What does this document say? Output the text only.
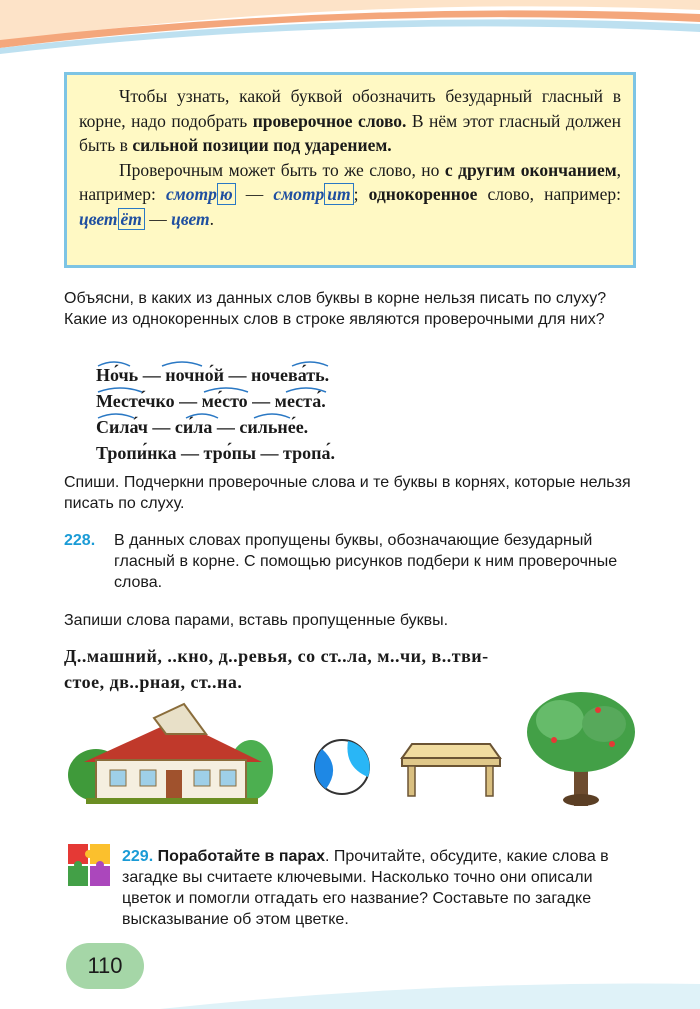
Чтобы узнать, какой буквой обозначить безударный гласный в корне, надо подобрать проверочное слово. В нём этот гласный должен быть в сильной позиции под ударением.

Проверочным может быть то же слово, но с другим окончанием, например: смотр ю — смотр ит ; однокоренное слово, например: цвет ёт — цвет.

Объясни, в каких из данных слов буквы в корне нельзя писать по слуху? Какие из однокоренных слов в строке являются проверочными для них?
Но́чь — ночно́й — ночева́ть.
Месте́чко — ме́сто — места́.
Сила́ч — си́ла — сильне́е.
Тропи́нка — тро́пы — тропа́.
Спиши. Подчеркни проверочные слова и те буквы в корнях, которые нельзя писать по слуху.
228. В данных словах пропущены буквы, обозначающие безударный гласный в корне. С помощью рисунков подбери к ним проверочные слова.
Запиши слова парами, вставь пропущенные буквы.
Д..машний, ..кно, д..ревья, со ст..ла, м..чи, в..тви-
стое, дв..рная, ст..на.
229. Поработайте в парах. Прочитайте, обсудите, какие слова в загадке вы считаете ключевыми. Насколько точно они описали цветок и помогли отгадать его название? Составьте по загадке высказывание об этом цветке.
110
